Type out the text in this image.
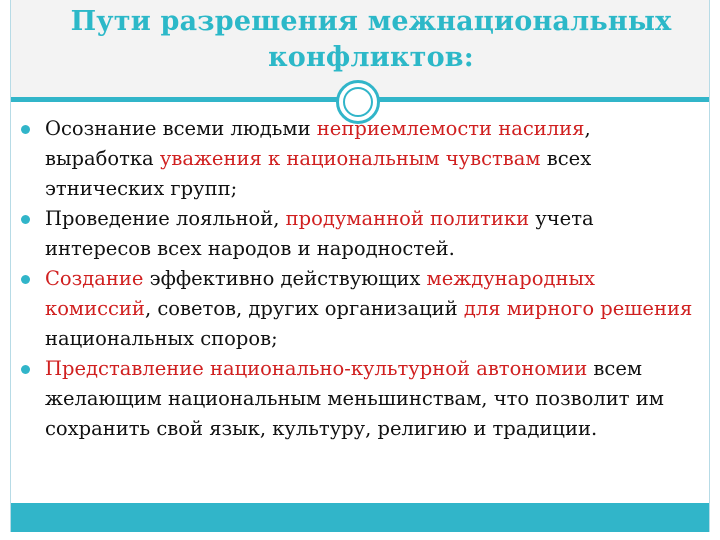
Пути разрешения межнациональных конфликтов:
Осознание всеми людьми неприемлемости насилия, выработка уважения к национальным чувствам всех этнических групп;
Проведение лояльной, продуманной политики учета интересов всех народов и народностей.
Создание эффективно действующих международных комиссий, советов, других организаций для мирного решения национальных споров;
Представление национально-культурной автономии всем желающим национальным меньшинствам, что позволит им сохранить свой язык, культуру, религию и традиции.
